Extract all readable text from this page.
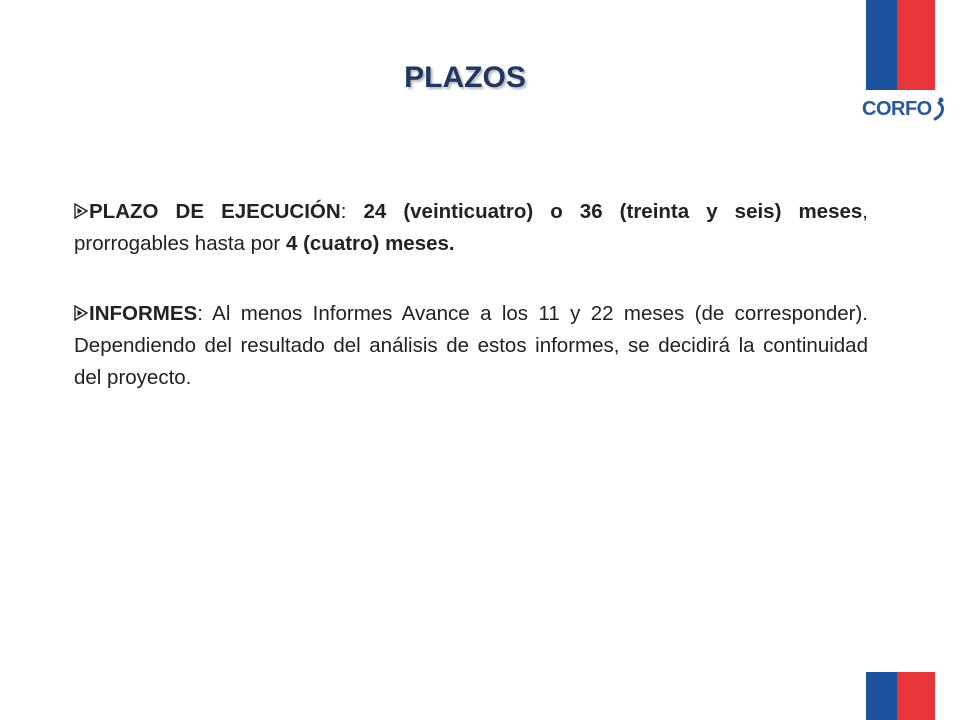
CORFO
PLAZOS

PLAZO DE EJECUCIÓN: 24 (veinticuatro) o 36 (treinta y seis) meses, prorrogables hasta por 4 (cuatro) meses.

INFORMES: Al menos Informes Avance a los 11 y 22 meses (de corresponder). Dependiendo del resultado del análisis de estos informes, se decidirá la continuidad del proyecto.
